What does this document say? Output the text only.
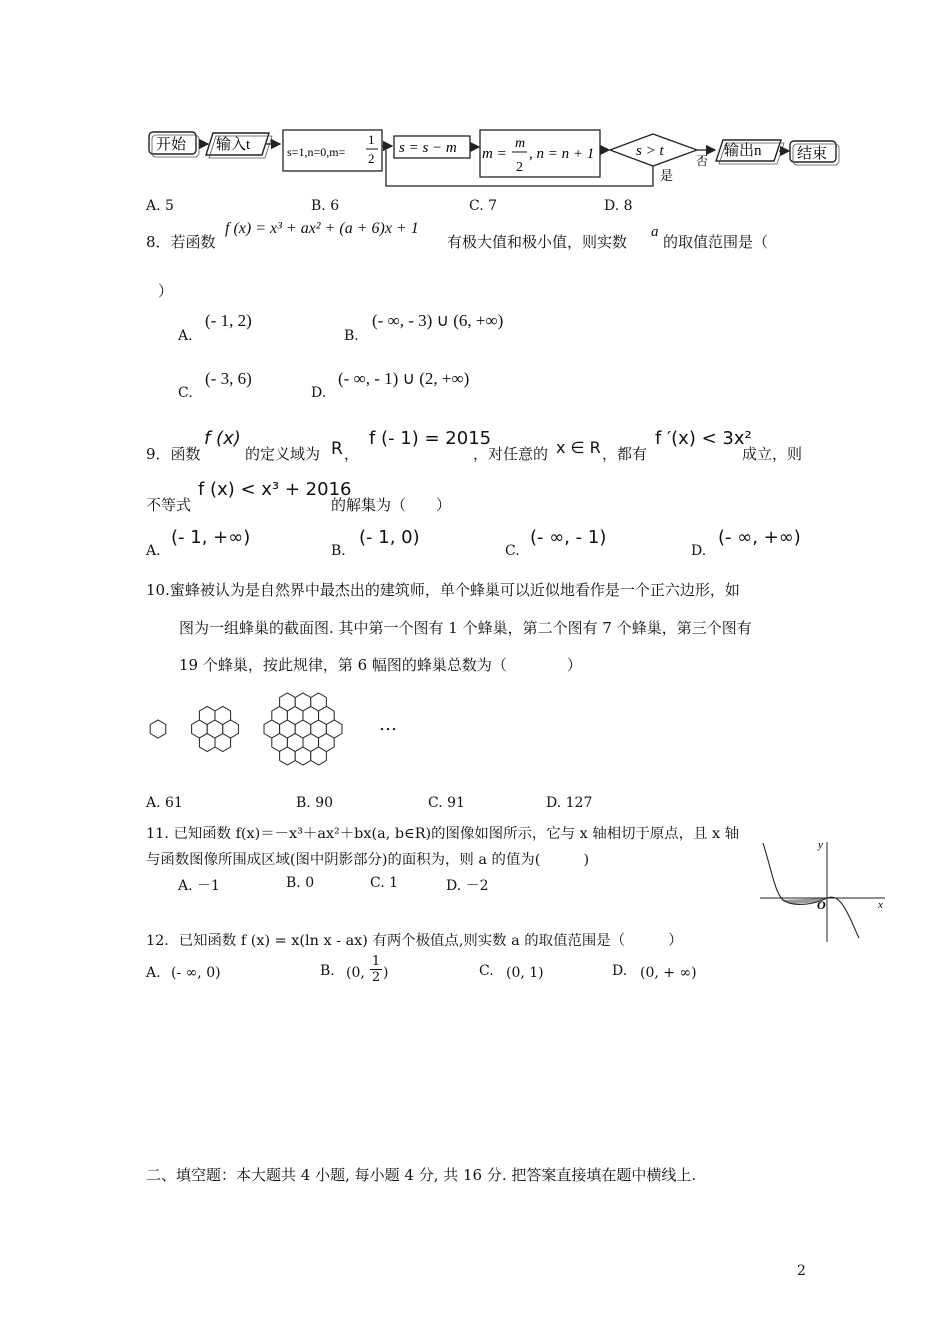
开始 输入t	s=1,n=0,m=
1
2
s = s − m m =
m
2
, n = n + 1	s > t
否
是
输出n 结束
A. 5	B. 6	C. 7	D. 8
8．若函数
f (x) = x³ + ax² + (a + 6)x + 1
有极大值和极小值，则实数
a
的取值范围是（
）
A.
(- 1, 2)
B.
(- ∞, - 3) ∪ (6, +∞)
C.
(- 3, 6)
D.
(- ∞, - 1) ∪ (2, +∞)
9．函数
f (x)
的定义域为 R ，
f (- 1) = 2015
，对任意的 x ∈ R ，都有
f ′(x) < 3x²
成立，则
不等式
f (x) < x³ + 2016
的解集为（　　）
A.
(- 1, +∞)
B.
(- 1, 0)
C.
(- ∞, - 1)
D.
(- ∞, +∞)
10.蜜蜂被认为是自然界中最杰出的建筑师，单个蜂巢可以近似地看作是一个正六边形，如
图为一组蜂巢的截面图. 其中第一个图有 1 个蜂巢，第二个图有 7 个蜂巢，第三个图有
19 个蜂巢，按此规律，第 6 幅图的蜂巢总数为（　　　　）
…
A. 61	B. 90	C. 91	D. 127
11. 已知函数 f(x)＝－x³＋ax²＋bx(a, b∈R)的图像如图所示，它与 x 轴相切于原点，且 x 轴
与函数图像所围成区域(图中阴影部分)的面积为，则 a 的值为(　　　)
A. －1	B. 0	C. 1	D. －2
y
x
O
12．已知函数 f (x) = x(ln x - ax) 有两个极值点,则实数 a 的取值范围是（　　　）
A. (- ∞, 0)	B. (0, $\frac{1}{2}$ )	C. (0, 1)	D. (0, + ∞)
二、填空题：本大题共 4 小题, 每小题 4 分, 共 16 分. 把答案直接填在题中横线上.
2
